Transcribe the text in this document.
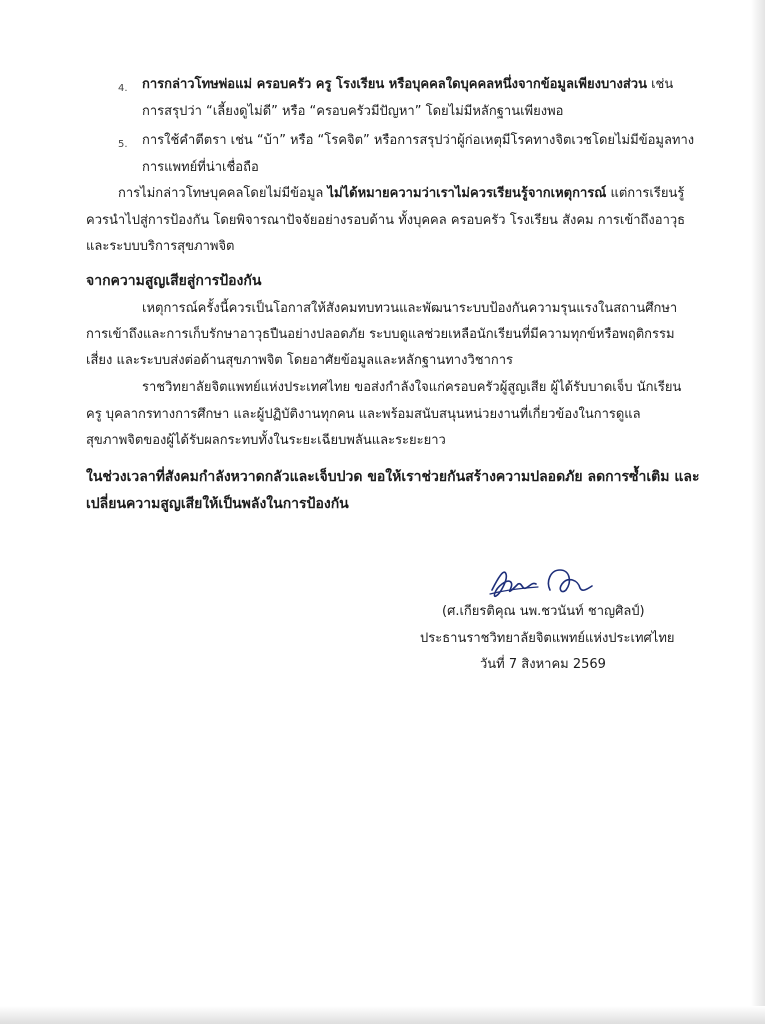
4. การกล่าวโทษพ่อแม่ ครอบครัว ครู โรงเรียน หรือบุคคลใดบุคคลหนึ่งจากข้อมูลเพียงบางส่วน เช่น
การสรุปว่า “เลี้ยงดูไม่ดี” หรือ “ครอบครัวมีปัญหา” โดยไม่มีหลักฐานเพียงพอ
5. การใช้คำตีตรา เช่น “บ้า” หรือ “โรคจิต” หรือการสรุปว่าผู้ก่อเหตุมีโรคทางจิตเวชโดยไม่มีข้อมูลทาง
การแพทย์ที่น่าเชื่อถือ
การไม่กล่าวโทษบุคคลโดยไม่มีข้อมูล ไม่ได้หมายความว่าเราไม่ควรเรียนรู้จากเหตุการณ์ แต่การเรียนรู้
ควรนำไปสู่การป้องกัน โดยพิจารณาปัจจัยอย่างรอบด้าน ทั้งบุคคล ครอบครัว โรงเรียน สังคม การเข้าถึงอาวุธ
และระบบบริการสุขภาพจิต
จากความสูญเสียสู่การป้องกัน
เหตุการณ์ครั้งนี้ควรเป็นโอกาสให้สังคมทบทวนและพัฒนาระบบป้องกันความรุนแรงในสถานศึกษา
การเข้าถึงและการเก็บรักษาอาวุธปืนอย่างปลอดภัย ระบบดูแลช่วยเหลือนักเรียนที่มีความทุกข์หรือพฤติกรรม
เสี่ยง และระบบส่งต่อด้านสุขภาพจิต โดยอาศัยข้อมูลและหลักฐานทางวิชาการ
ราชวิทยาลัยจิตแพทย์แห่งประเทศไทย ขอส่งกำลังใจแก่ครอบครัวผู้สูญเสีย ผู้ได้รับบาดเจ็บ นักเรียน
ครู บุคลากรทางการศึกษา และผู้ปฏิบัติงานทุกคน และพร้อมสนับสนุนหน่วยงานที่เกี่ยวข้องในการดูแล
สุขภาพจิตของผู้ได้รับผลกระทบทั้งในระยะเฉียบพลันและระยะยาว
ในช่วงเวลาที่สังคมกำลังหวาดกลัวและเจ็บปวด ขอให้เราช่วยกันสร้างความปลอดภัย ลดการซ้ำเติม และ
เปลี่ยนความสูญเสียให้เป็นพลังในการป้องกัน
(ศ.เกียรติคุณ นพ.ชวนันท์ ชาญศิลป์)
ประธานราชวิทยาลัยจิตแพทย์แห่งประเทศไทย
วันที่ 7 สิงหาคม 2569
